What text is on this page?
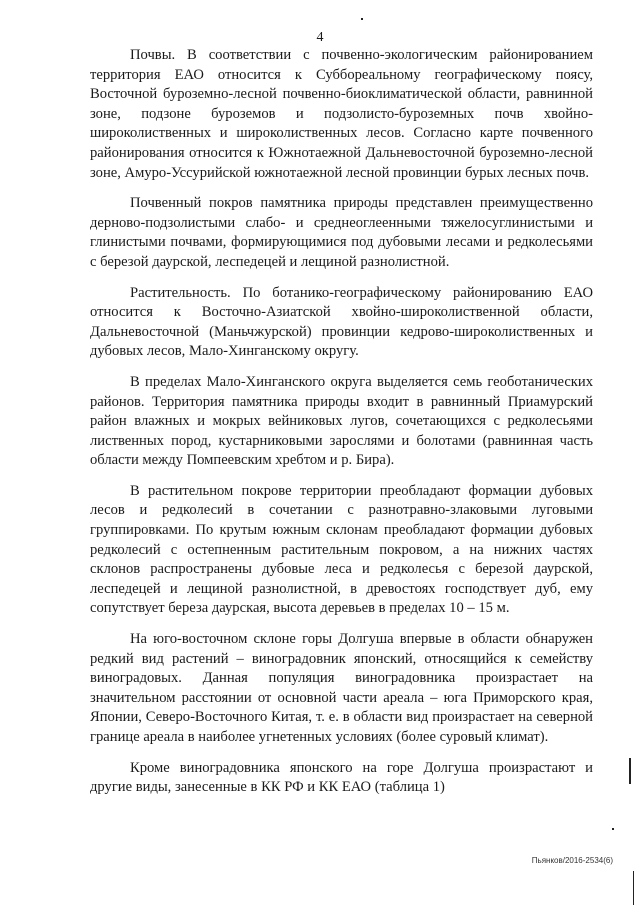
4

Почвы. В соответствии с почвенно-экологическим районированием территория ЕАО относится к Суббореальному географическому поясу, Восточной буроземно-лесной почвенно-биоклиматической области, равнинной зоне, подзоне буроземов и подзолисто-буроземных почв хвойно-широколиственных и широколиственных лесов. Согласно карте почвенного районирования относится к Южнотаежной Дальневосточной буроземно-лесной зоне, Амуро-Уссурийской южнотаежной лесной провинции бурых лесных почв.

Почвенный покров памятника природы представлен преимущественно дерново-подзолистыми слабо- и среднеоглеенными тяжелосуглинистыми и глинистыми почвами, формирующимися под дубовыми лесами и редколесьями с березой даурской, леспедецей и лещиной разнолистной.

Растительность. По ботанико-географическому районированию ЕАО относится к Восточно-Азиатской хвойно-широколиственной области, Дальневосточной (Маньчжурской) провинции кедрово-широколиственных и дубовых лесов, Мало-Хинганскому округу.

В пределах Мало-Хинганского округа выделяется семь геоботанических районов. Территория памятника природы входит в равнинный Приамурский район влажных и мокрых вейниковых лугов, сочетающихся с редколесьями лиственных пород, кустарниковыми зарослями и болотами (равнинная часть области между Помпеевским хребтом и р. Бира).

В растительном покрове территории преобладают формации дубовых лесов и редколесий в сочетании с разнотравно-злаковыми луговыми группировками. По крутым южным склонам преобладают формации дубовых редколесий с остепненным растительным покровом, а на нижних частях склонов распространены дубовые леса и редколесья с березой даурской, леспедецей и лещиной разнолистной, в древостоях господствует дуб, ему сопутствует береза даурская, высота деревьев в пределах 10 – 15 м.

На юго-восточном склоне горы Долгуша впервые в области обнаружен редкий вид растений – виноградовник японский, относящийся к семейству виноградовых. Данная популяция виноградовника произрастает на значительном расстоянии от основной части ареала – юга Приморского края, Японии, Северо-Восточного Китая, т. е. в области вид произрастает на северной границе ареала в наиболее угнетенных условиях (более суровый климат).

Кроме виноградовника японского на горе Долгуша произрастают и другие виды, занесенные в КК РФ и КК ЕАО (таблица 1)

Пьянков/2016-2534(6)
